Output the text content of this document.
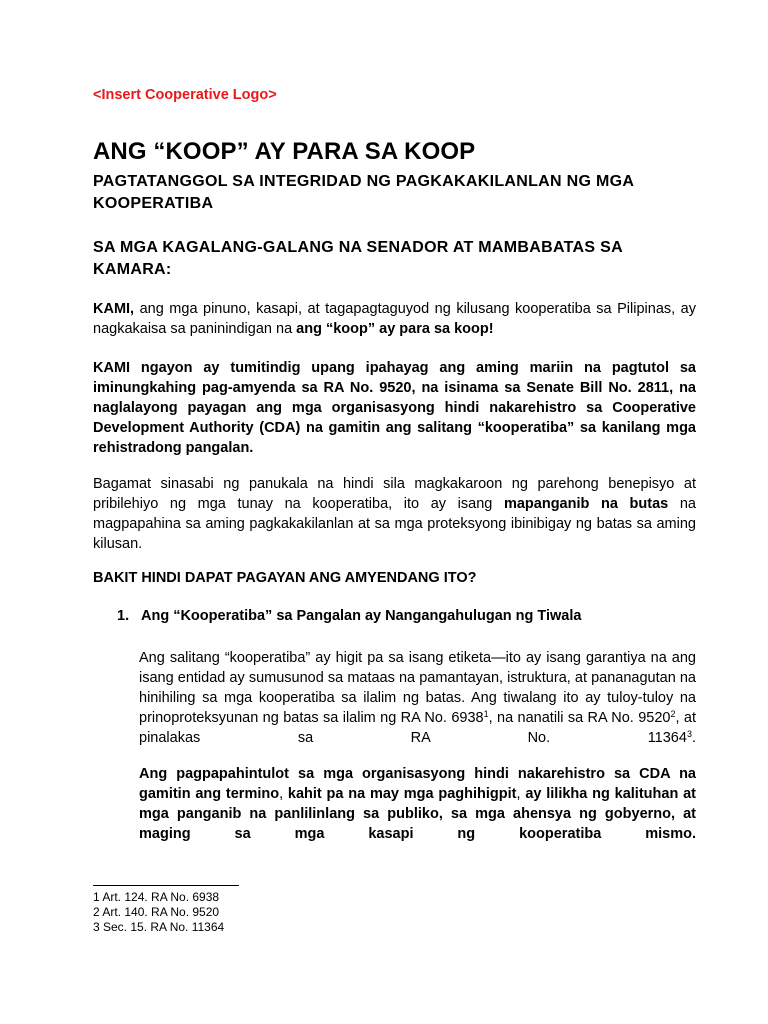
<Insert Cooperative Logo>
ANG “KOOP” AY PARA SA KOOP
PAGTATANGGOL SA INTEGRIDAD NG PAGKAKAKILANLAN NG MGA KOOPERATIBA
SA MGA KAGALANG-GALANG NA SENADOR AT MAMBABATAS SA KAMARA:

KAMI, ang mga pinuno, kasapi, at tagapagtaguyod ng kilusang kooperatiba sa Pilipinas, ay nagkakaisa sa paninindigan na ang “koop” ay para sa koop!

KAMI ngayon ay tumitindig upang ipahayag ang aming mariin na pagtutol sa iminungkahing pag-amyenda sa RA No. 9520, na isinama sa Senate Bill No. 2811, na naglalayong payagan ang mga organisasyong hindi nakarehistro sa Cooperative Development Authority (CDA) na gamitin ang salitang “kooperatiba” sa kanilang mga rehistradong pangalan.

Bagamat sinasabi ng panukala na hindi sila magkakaroon ng parehong benepisyo at pribilehiyo ng mga tunay na kooperatiba, ito ay isang mapanganib na butas na magpapahina sa aming pagkakakilanlan at sa mga proteksyong ibinibigay ng batas sa aming kilusan.

BAKIT HINDI DAPAT PAGAYAN ANG AMYENDANG ITO?
1. Ang “Kooperatiba” sa Pangalan ay Nangangahulugan ng Tiwala

Ang salitang “kooperatiba” ay higit pa sa isang etiketa—ito ay isang garantiya na ang isang entidad ay sumusunod sa mataas na pamantayan, istruktura, at pananagutan na hinihiling sa mga kooperatiba sa ilalim ng batas. Ang tiwalang ito ay tuloy-tuloy na prinoproteksyunan ng batas sa ilalim ng RA No. 6938$^1$, na nanatili sa RA No. 9520$^2$, at pinalakas sa RA No. 11364$^3$.

Ang pagpapahintulot sa mga organisasyong hindi nakarehistro sa CDA na gamitin ang termino, kahit pa na may mga paghihigpit, ay lilikha ng kalituhan at mga panganib na panlilinlang sa publiko, sa mga ahensya ng gobyerno, at maging sa mga kasapi ng kooperatiba mismo.

1 Art. 124. RA No. 6938
2 Art. 140. RA No. 9520
3 Sec. 15. RA No. 11364
